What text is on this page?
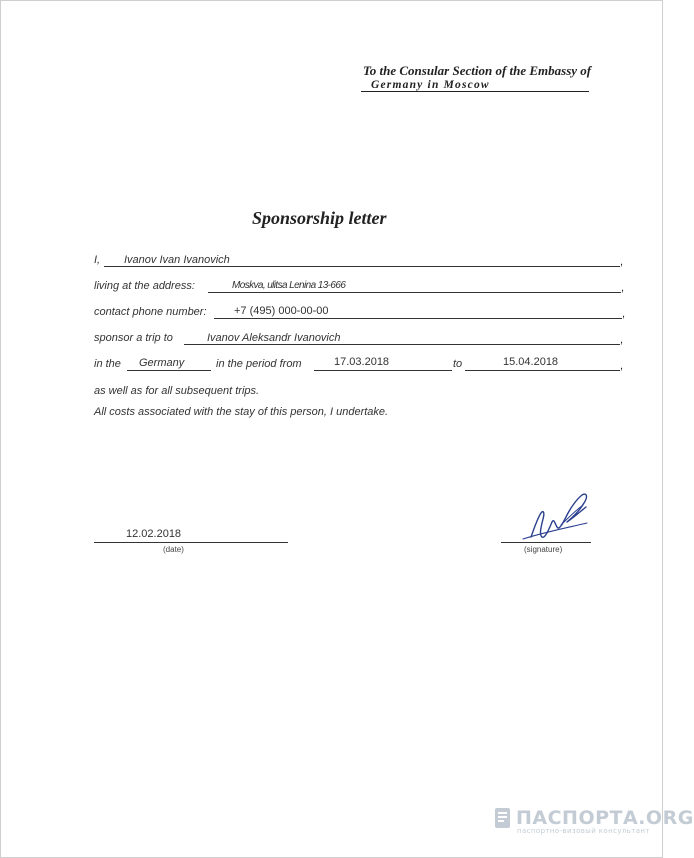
To the Consular Section of the Embassy of
Germany in Moscow
Sponsorship letter
I, Ivanov Ivan Ivanovich	,
living at the address:	Moskva, ulitsa Lenina 13-666	,
contact phone number: +7 (495) 000-00-00	,
sponsor a trip to	Ivanov Aleksandr Ivanovich	,
in the Germany	in the period from	17.03.2018	to	15.04.2018	,
as well as for all subsequent trips.
All costs associated with the stay of this person, I undertake.
12.02.2018
(date)	(signature)
ПАСПОРТА.ORG
паспортно-визовый консультант
